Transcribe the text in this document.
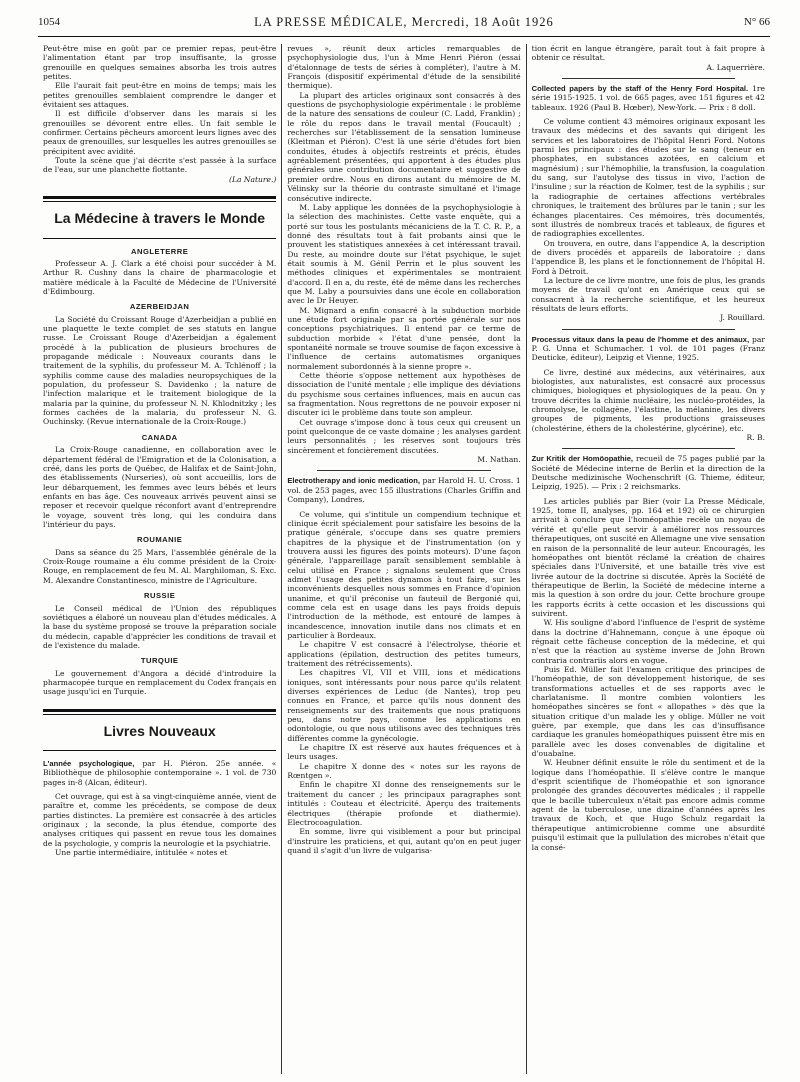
1054	LA PRESSE MÉDICALE, Mercredi, 18 Août 1926	N° 66

Peut-être mise en goût par ce premier repas, peut-être l'alimentation étant par trop insuffisante, la grosse grenouille en quelques semaines absorba les trois autres petites.

Elle l'aurait fait peut-être en moins de temps; mais les petites grenouilles semblaient comprendre le danger et évitaient ses attaques.

Il est difficile d'observer dans les marais si les grenouilles se dévorent entre elles. Un fait semble le confirmer. Certains pêcheurs amorcent leurs lignes avec des peaux de grenouilles, sur lesquelles les autres grenouilles se précipitent avec avidité.

Toute la scène que j'ai décrite s'est passée à la surface de l'eau, sur une planchette flottante.

(La Nature.)

La Médecine à travers le Monde
ANGLETERRE

Professeur A. J. Clark a été choisi pour succéder à M. Arthur R. Cushny dans la chaire de pharmacologie et matière médicale à la Faculté de Médecine de l'Université d'Edimbourg.

AZERBEIDJAN

La Société du Croissant Rouge d'Azerbeidjan a publié en une plaquette le texte complet de ses statuts en langue russe. Le Croissant Rouge d'Azerbeidjan a également procédé à la publication de plusieurs brochures de propagande médicale : Nouveaux courants dans le traitement de la syphilis, du professeur M. A. Tchlénoff ; la syphilis comme cause des maladies neuropsychiques de la population, du professeur S. Davidenko ; la nature de l'infection malarique et le traitement biologique de la malaria par la quinine, du professeur N. N. Khlodnitzky ; les formes cachées de la malaria, du professeur N. G. Ouchinsky. (Revue internationale de la Croix-Rouge.)

CANADA

La Croix-Rouge canadienne, en collaboration avec le département fédéral de l'Emigration et de la Colonisation, a créé, dans les ports de Québec, de Halifax et de Saint-John, des établissements (Nurseries), où sont accueillis, lors de leur débarquement, les femmes avec leurs bébés et leurs enfants en bas âge. Ces nouveaux arrivés peuvent ainsi se reposer et recevoir quelque réconfort avant d'entreprendre le voyage, souvent très long, qui les conduira dans l'intérieur du pays.

ROUMANIE

Dans sa séance du 25 Mars, l'assemblée générale de la Croix-Rouge roumaine a élu comme président de la Croix-Rouge, en remplacement de feu M. Al. Marghiloman, S. Exc. M. Alexandre Constantinesco, ministre de l'Agriculture.

RUSSIE

Le Conseil médical de l'Union des républiques soviétiques a élaboré un nouveau plan d'études médicales. A la base du système proposé se trouve la préparation sociale du médecin, capable d'apprécier les conditions de travail et de l'existence du malade.

TURQUIE

Le gouvernement d'Angora a décidé d'introduire la pharmacopée turque en remplacement du Codex français en usage jusqu'ici en Turquie.

Livres Nouveaux

L'année psychologique, par H. Piéron. 25e année. « Bibliothèque de philosophie contemporaine ». 1 vol. de 730 pages in-8 (Alcan, éditeur).

Cet ouvrage, qui est à sa vingt-cinquième année, vient de paraître et, comme les précédents, se compose de deux parties distinctes. La première est consacrée à des articles originaux ; la seconde, la plus étendue, comporte des analyses critiques qui passent en revue tous les domaines de la psychologie, y compris la neurologie et la psychiatrie.

Une partie intermédiaire, intitulée « notes et

revues », réunit deux articles remarquables de psychophysiologie dus, l'un à Mme Henri Piéron (essai d'étalonnage de tests de séries à compléter), l'autre à M. François (dispositif expérimental d'étude de la sensibilité thermique).

La plupart des articles originaux sont consacrés à des questions de psychophysiologie expérimentale : le problème de la nature des sensations de couleur (C. Ladd, Franklin) ; le rôle du repos dans le travail mental (Foucault) ; recherches sur l'établissement de la sensation lumineuse (Kleitman et Piéron). C'est là une série d'études fort bien conduites, études à objectifs restreints et précis, études agréablement présentées, qui apportent à des études plus générales une contribution documentaire et suggestive de premier ordre. Nous en dirons autant du mémoire de M. Vélinsky sur la théorie du contraste simultané et l'image consécutive indirecte.

M. Laby applique les données de la psychophysiologie à la sélection des machinistes. Cette vaste enquête, qui a porté sur tous les postulants mécaniciens de la T. C. R. P., a donné des résultats tout à fait probants ainsi que le prouvent les statistiques annexées à cet intéressant travail. Du reste, au moindre doute sur l'état psychique, le sujet était soumis à M. Génil Perrin et le plus souvent les méthodes cliniques et expérimentales se montraient d'accord. Il en a, du reste, été de même dans les recherches que M. Laby a poursuivies dans une école en collaboration avec le Dr Heuyer.

M. Mignard a enfin consacré à la subduction morbide une étude fort originale par sa portée générale sur nos conceptions psychiatriques. Il entend par ce terme de subduction morbide « l'état d'une pensée, dont la spontanéité normale se trouve soumise de façon excessive à l'influence de certains automatismes organiques normalement subordonnés à la sienne propre ».

Cette théorie s'oppose nettement aux hypothèses de dissociation de l'unité mentale ; elle implique des déviations du psychisme sous certaines influences, mais en aucun cas sa fragmentation. Nous regrettons de ne pouvoir exposer ni discuter ici le problème dans toute son ampleur.

Cet ouvrage s'impose donc à tous ceux qui creusent un point quelconque de ce vaste domaine ; les analyses gardent leurs personnalités ; les réserves sont toujours très sincèrement et foncièrement discutées.

M. Nathan.

Electrotherapy and ionic medication, par Harold H. U. Cross. 1 vol. de 253 pages, avec 155 illustrations (Charles Griffin and Company), Londres.

Ce volume, qui s'intitule un compendium technique et clinique écrit spécialement pour satisfaire les besoins de la pratique générale, s'occupe dans ses quatre premiers chapitres de la physique et de l'instrumentation (on y trouvera aussi les figures des points moteurs). D'une façon générale, l'appareillage paraît sensiblement semblable à celui utilisé en France ; signalons seulement que Cross admet l'usage des petites dynamos à tout faire, sur les inconvénients desquelles nous sommes en France d'opinion unanime, et qu'il préconise un fauteuil de Bergonié qui, comme cela est en usage dans les pays froids depuis l'introduction de la méthode, est entouré de lampes à incandescence, innovation inutile dans nos climats et en particulier à Bordeaux.

Le chapitre V est consacré à l'électrolyse, théorie et applications (épilation, destruction des petites tumeurs, traitement des rétrécissements).

Les chapitres VI, VII et VIII, ions et médications ioniques, sont intéressants pour nous parce qu'ils relatent diverses expériences de Leduc (de Nantes), trop peu connues en France, et parce qu'ils nous donnent des renseignements sur des traitements que nous pratiquons peu, dans notre pays, comme les applications en odontologie, ou que nous utilisons avec des techniques très différentes comme la gynécologie.

Le chapitre IX est réservé aux hautes fréquences et à leurs usages.

Le chapitre X donne des « notes sur les rayons de Rœntgen ».

Enfin le chapitre XI donne des renseignements sur le traitement du cancer ; les principaux paragraphes sont intitulés : Couteau et électricité. Aperçu des traitements électriques (thérapie profonde et diathermie). Electrocoagulation.

En somme, livre qui visiblement a pour but principal d'instruire les praticiens, et qui, autant qu'on en peut juger quand il s'agit d'un livre de vulgarisa-

tion écrit en langue étrangère, paraît tout à fait propre à obtenir ce résultat.

A. Laquerrière.

Collected papers by the staff of the Henry Ford Hospital. 1re série 1915-1925. 1 vol. de 665 pages, avec 151 figures et 42 tableaux. 1926 (Paul B. Hœber), New-York. — Prix : 8 doll.

Ce volume contient 43 mémoires originaux exposant les travaux des médecins et des savants qui dirigent les services et les laboratoires de l'hôpital Henri Ford. Notons parmi les principaux : des études sur le sang (teneur en phosphates, en substances azotées, en calcium et magnésium) ; sur l'hémophilie, la transfusion, la coagulation du sang, sur l'autolyse des tissus in vivo, l'action de l'insuline ; sur la réaction de Kolmer, test de la syphilis ; sur la radiographie de certaines affections vertébrales chroniques, le traitement des brûlures par le tanin ; sur les échanges placentaires. Ces mémoires, très documentés, sont illustrés de nombreux tracés et tableaux, de figures et de radiographies excellentes.

On trouvera, en outre, dans l'appendice A, la description de divers procédés et appareils de laboratoire ; dans l'appendice B, les plans et le fonctionnement de l'hôpital H. Ford à Détroit.

La lecture de ce livre montre, une fois de plus, les grands moyens de travail qu'ont en Amérique ceux qui se consacrent à la recherche scientifique, et les heureux résultats de leurs efforts.

J. Rouillard.

Processus vitaux dans la peau de l'homme et des animaux, par P. G. Unna et Schumacher. 1 vol. de 101 pages (Franz Deuticke, éditeur), Leipzig et Vienne, 1925.

Ce livre, destiné aux médecins, aux vétérinaires, aux biologistes, aux naturalistes, est consacré aux processus chimiques, biologiques et physiologiques de la peau. On y trouve décrites la chimie nucléaire, les nucléo-protéides, la chromolyse, le collagène, l'élastine, la mélanine, les divers groupes de pigments, les productions graisseuses (cholestérine, éthers de la cholestérine, glycérine), etc.

R. B.

Zur Kritik der Homöopathie, recueil de 75 pages publié par la Société de Médecine interne de Berlin et la direction de la Deutsche medizinische Wochenschrift (G. Thieme, éditeur, Leipzig, 1925). — Prix : 2 reichsmarks.

Les articles publiés par Bier (voir La Presse Médicale, 1925, tome II, analyses, pp. 164 et 192) où ce chirurgien arrivait à conclure que l'homéopathie recèle un noyau de vérité et qu'elle peut servir à améliorer nos ressources thérapeutiques, ont suscité en Allemagne une vive sensation en raison de la personnalité de leur auteur. Encouragés, les homéopathes ont bientôt réclamé la création de chaires spéciales dans l'Université, et une bataille très vive est livrée autour de la doctrine si discutée. Après la Société de thérapeutique de Berlin, la Société de médecine interne a mis la question à son ordre du jour. Cette brochure groupe les rapports écrits à cette occasion et les discussions qui suivirent.

W. His souligne d'abord l'influence de l'esprit de système dans la doctrine d'Hahnemann, conçue à une époque où régnait cette fâcheuse conception de la médecine, et qui n'est que la réaction au système inverse de John Brown contraria contrariis alors en vogue.

Puis Ed. Müller fait l'examen critique des principes de l'homéopathie, de son développement historique, de ses transformations actuelles et de ses rapports avec le charlatanisme. Il montre combien volontiers les homéopathes sincères se font « allopathes » dès que la situation critique d'un malade les y oblige. Müller ne voit guère, par exemple, que dans les cas d'insuffisance cardiaque les granules homéopathiques puissent être mis en parallèle avec les doses convenables de digitaline et d'ouabaïne.

W. Heubner définit ensuite le rôle du sentiment et de la logique dans l'homéopathie. Il s'élève contre le manque d'esprit scientifique de l'homéopathie et son ignorance prolongée des grandes découvertes médicales ; il rappelle que le bacille tuberculeux n'était pas encore admis comme agent de la tuberculose, une dizaine d'années après les travaux de Koch, et que Hugo Schulz regardait la thérapeutique antimicrobienne comme une absurdité puisqu'il estimait que la pullulation des microbes n'était que la consé-
